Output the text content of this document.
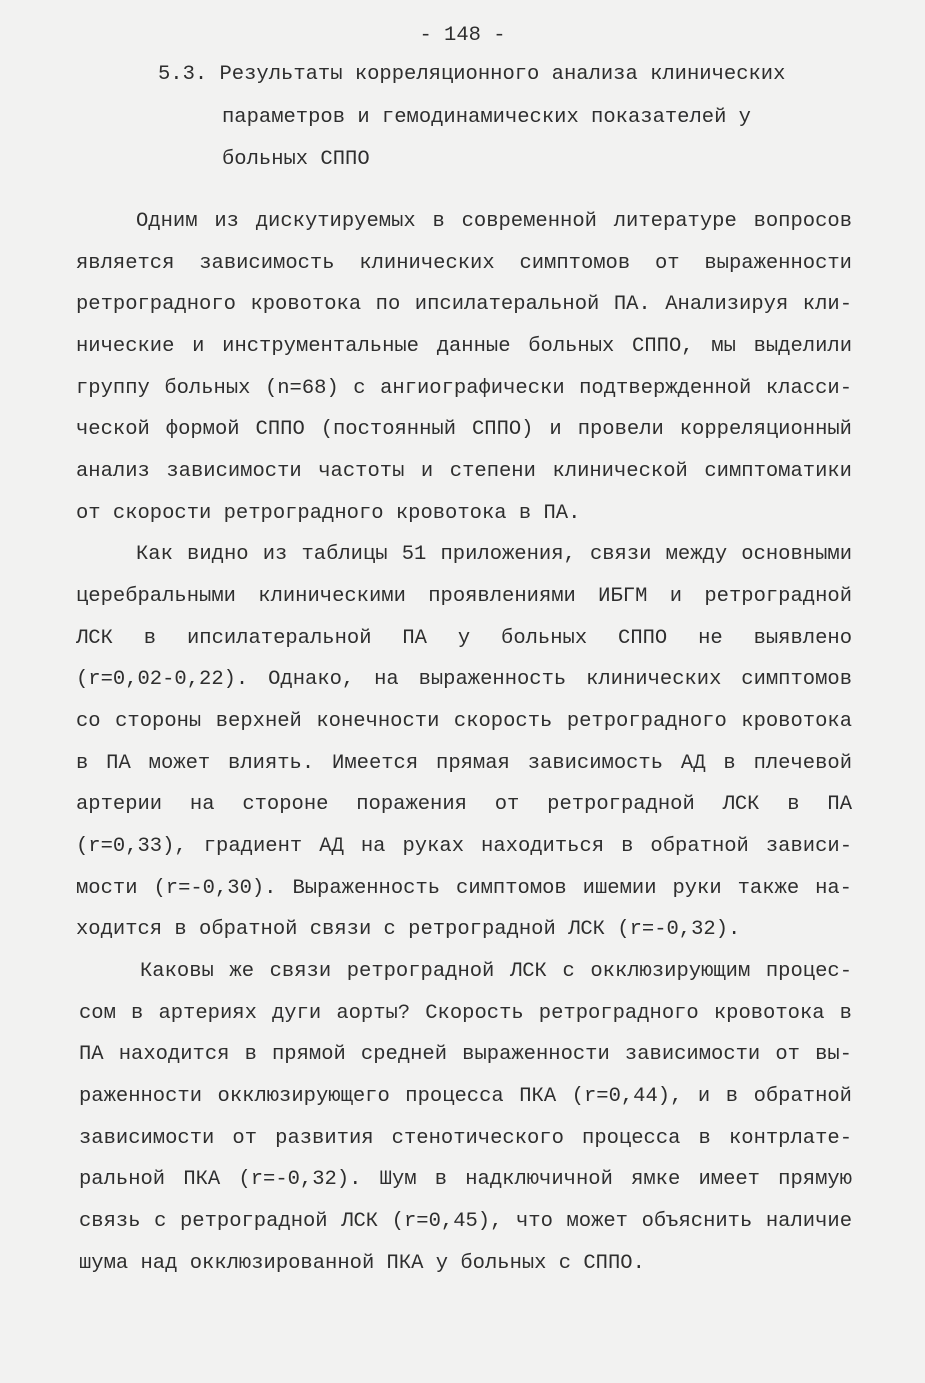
- 148 -
5.3. Результаты корреляционного анализа клинических
параметров и гемодинамических показателей у
больных СППО
Одним из дискутируемых в современной литературе вопросов
является зависимость клинических симптомов от выраженности
ретроградного кровотока по ипсилатеральной ПА. Анализируя кли-
нические и инструментальные данные больных СППО, мы выделили
группу больных (n=68) с ангиографически подтвержденной класси-
ческой формой СППО (постоянный СППО) и провели корреляционный
анализ зависимости частоты и степени клинической симптоматики
от скорости ретроградного кровотока в ПА.
Как видно из таблицы 51 приложения, связи между основными
церебральными клиническими проявлениями ИБГМ и ретроградной
ЛСК в ипсилатеральной ПА у больных СППО не выявлено
(r=0,02-0,22). Однако, на выраженность клинических симптомов
со стороны верхней конечности скорость ретроградного кровотока
в ПА может влиять. Имеется прямая зависимость АД в плечевой
артерии на стороне поражения от ретроградной ЛСК в ПА
(r=0,33), градиент АД на руках находиться в обратной зависи-
мости (r=-0,30). Выраженность симптомов ишемии руки также на-
ходится в обратной связи с ретроградной ЛСК (r=-0,32).
Каковы же связи ретроградной ЛСК с окклюзирующим процес-
сом в артериях дуги аорты? Скорость ретроградного кровотока в
ПА находится в прямой средней выраженности зависимости от вы-
раженности окклюзирующего процесса ПКА (r=0,44), и в обратной
зависимости от развития стенотического процесса в контрлате-
ральной ПКА (r=-0,32). Шум в надключичной ямке имеет прямую
связь с ретроградной ЛСК (r=0,45), что может объяснить наличие
шума над окклюзированной ПКА у больных с СППО.
